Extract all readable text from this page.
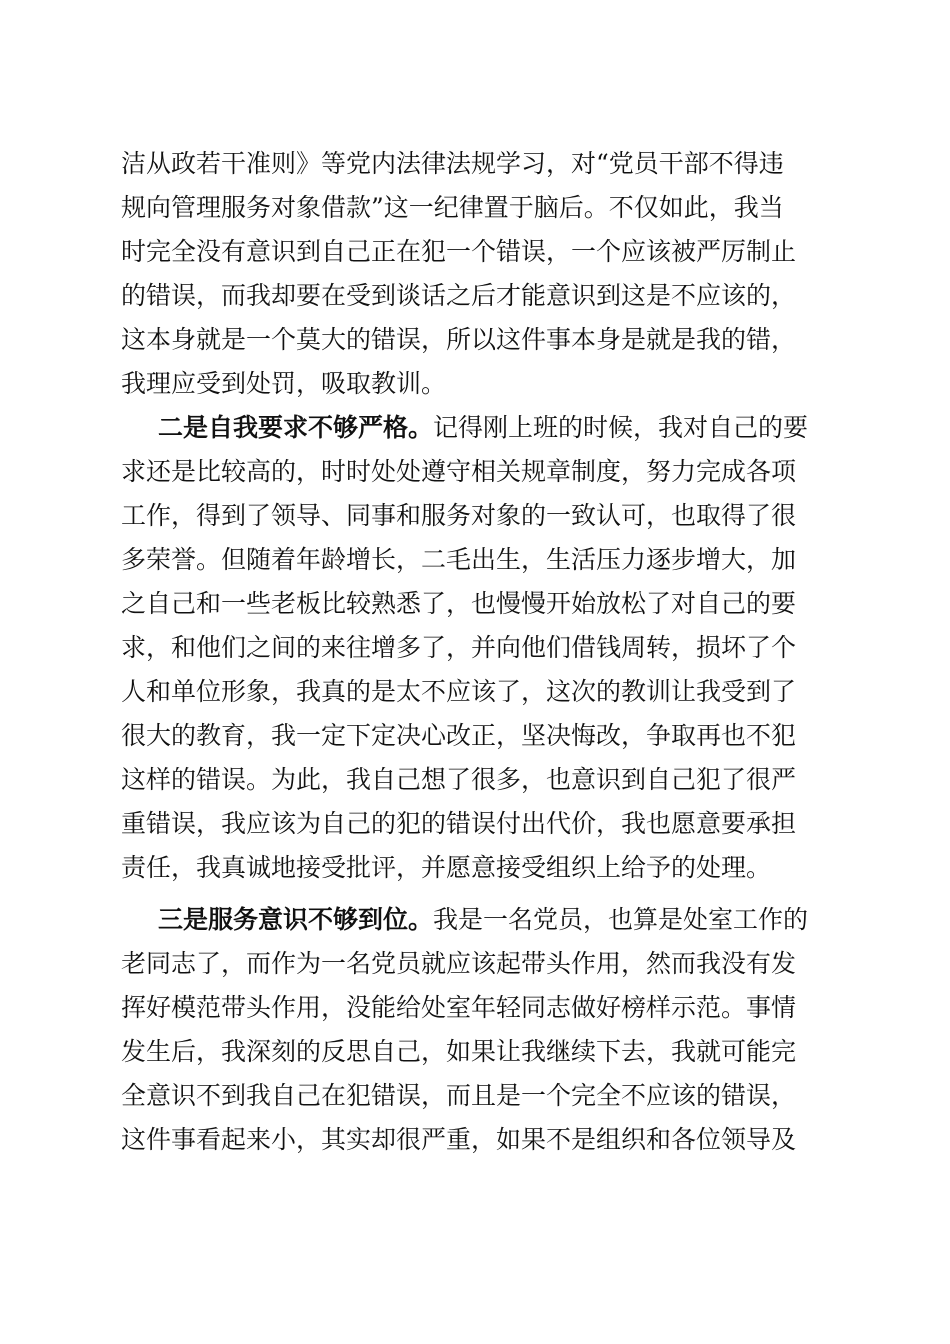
洁从政若干准则》等党内法律法规学习，对“党员干部不得违
规向管理服务对象借款”这一纪律置于脑后。不仅如此，我当
时完全没有意识到自己正在犯一个错误，一个应该被严厉制止
的错误，而我却要在受到谈话之后才能意识到这是不应该的，
这本身就是一个莫大的错误，所以这件事本身是就是我的错，
我理应受到处罚，吸取教训。
二是自我要求不够严格。记得刚上班的时候，我对自己的要
求还是比较高的，时时处处遵守相关规章制度，努力完成各项
工作，得到了领导、同事和服务对象的一致认可，也取得了很
多荣誉。但随着年龄增长，二毛出生，生活压力逐步增大，加
之自己和一些老板比较熟悉了，也慢慢开始放松了对自己的要
求，和他们之间的来往增多了，并向他们借钱周转，损坏了个
人和单位形象，我真的是太不应该了，这次的教训让我受到了
很大的教育，我一定下定决心改正，坚决悔改，争取再也不犯
这样的错误。为此，我自己想了很多，也意识到自己犯了很严
重错误，我应该为自己的犯的错误付出代价，我也愿意要承担
责任，我真诚地接受批评，并愿意接受组织上给予的处理。
三是服务意识不够到位。我是一名党员，也算是处室工作的
老同志了，而作为一名党员就应该起带头作用，然而我没有发
挥好模范带头作用，没能给处室年轻同志做好榜样示范。事情
发生后，我深刻的反思自己，如果让我继续下去，我就可能完
全意识不到我自己在犯错误，而且是一个完全不应该的错误，
这件事看起来小，其实却很严重，如果不是组织和各位领导及
